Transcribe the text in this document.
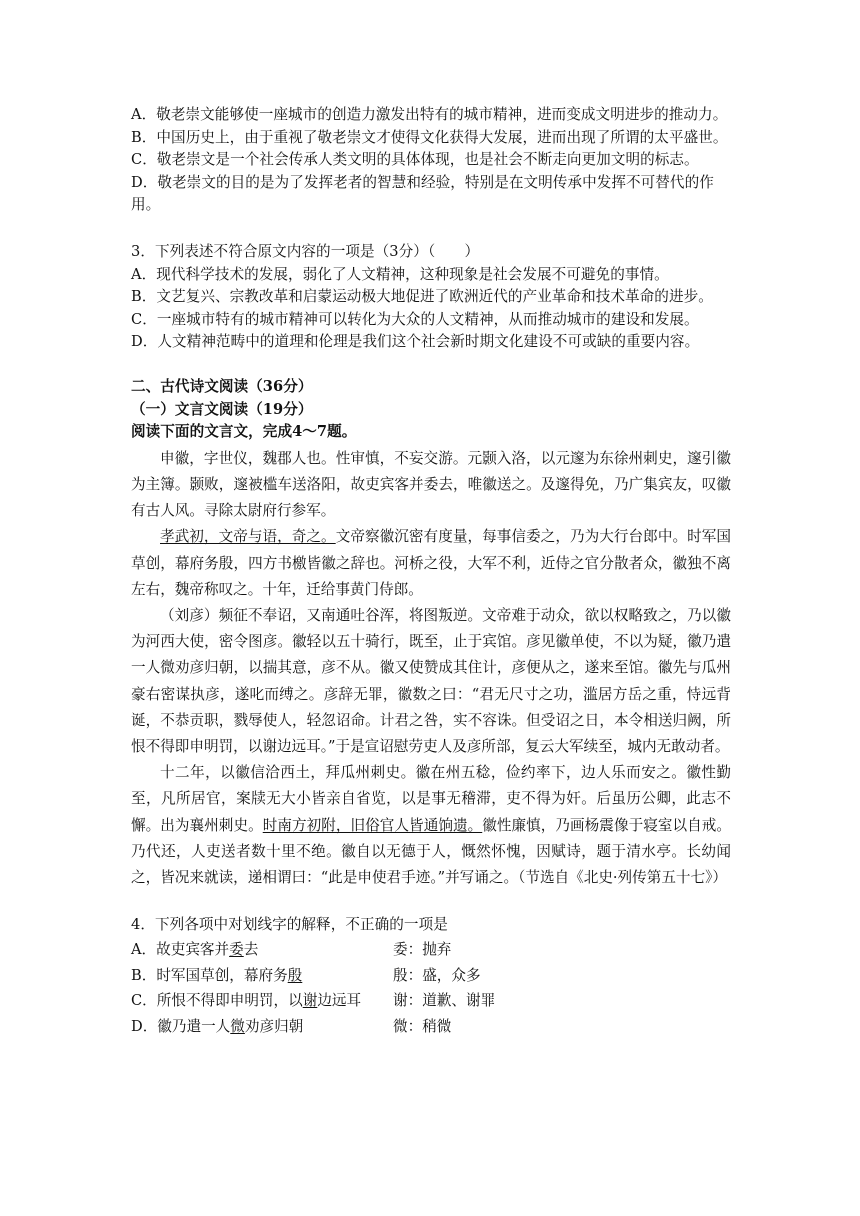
A．敬老崇文能够使一座城市的创造力激发出特有的城市精神，进而变成文明进步的推动力。
B．中国历史上，由于重视了敬老崇文才使得文化获得大发展，进而出现了所谓的太平盛世。
C．敬老崇文是一个社会传承人类文明的具体体现，也是社会不断走向更加文明的标志。
D．敬老崇文的目的是为了发挥老者的智慧和经验，特别是在文明传承中发挥不可替代的作
用。
3．下列表述不符合原文内容的一项是（3分）（　　）
A．现代科学技术的发展，弱化了人文精神，这种现象是社会发展不可避免的事情。
B．文艺复兴、宗教改革和启蒙运动极大地促进了欧洲近代的产业革命和技术革命的进步。
C．一座城市特有的城市精神可以转化为大众的人文精神，从而推动城市的建设和发展。
D．人文精神范畴中的道理和伦理是我们这个社会新时期文化建设不可或缺的重要内容。
二、古代诗文阅读（36分）
（一）文言文阅读（19分）
阅读下面的文言文，完成4～7题。

申徽，字世仪，魏郡人也。性审慎，不妄交游。元颢入洛，以元邃为东徐州刺史，邃引徽为主簿。颢败，邃被槛车送洛阳，故吏宾客并委去，唯徽送之。及邃得免，乃广集宾友，叹徽有古人风。寻除太尉府行参军。

孝武初，文帝与语，奇之。文帝察徽沉密有度量，每事信委之，乃为大行台郎中。时军国草创，幕府务殷，四方书檄皆徽之辞也。河桥之役，大军不利，近侍之官分散者众，徽独不离左右，魏帝称叹之。十年，迁给事黄门侍郎。

（刘彦）频征不奉诏，又南通吐谷浑，将图叛逆。文帝难于动众，欲以权略致之，乃以徽为河西大使，密令图彦。徽轻以五十骑行，既至，止于宾馆。彦见徽单使，不以为疑，徽乃遣一人微劝彦归朝，以揣其意，彦不从。徽又使赞成其住计，彦便从之，遂来至馆。徽先与瓜州豪右密谋执彦，遂叱而缚之。彦辞无罪，徽数之曰：“君无尺寸之功，滥居方岳之重，恃远背诞，不恭贡职，戮辱使人，轻忽诏命。计君之咎，实不容诛。但受诏之日，本令相送归阙，所恨不得即申明罚，以谢边远耳。”于是宣诏慰劳吏人及彦所部，复云大军续至，城内无敢动者。

十二年，以徽信洽西土，拜瓜州刺史。徽在州五稔，俭约率下，边人乐而安之。徽性勤至，凡所居官，案牍无大小皆亲自省览，以是事无稽滞，吏不得为奸。后虽历公卿，此志不懈。出为襄州刺史。时南方初附，旧俗官人皆通饷遗。徽性廉慎，乃画杨震像于寝室以自戒。乃代还，人吏送者数十里不绝。徽自以无德于人，慨然怀愧，因赋诗，题于清水亭。长幼闻之，皆况来就读，递相谓曰：“此是申使君手迹。”并写诵之。（节选自《北史·列传第五十七》）

4．下列各项中对划线字的解释，不正确的一项是
A．故吏宾客并委去	委：抛弃
B．时军国草创，幕府务殷	殷：盛，众多
C．所恨不得即申明罚，以谢边远耳	谢：道歉、谢罪
D．徽乃遣一人微劝彦归朝	微：稍微
